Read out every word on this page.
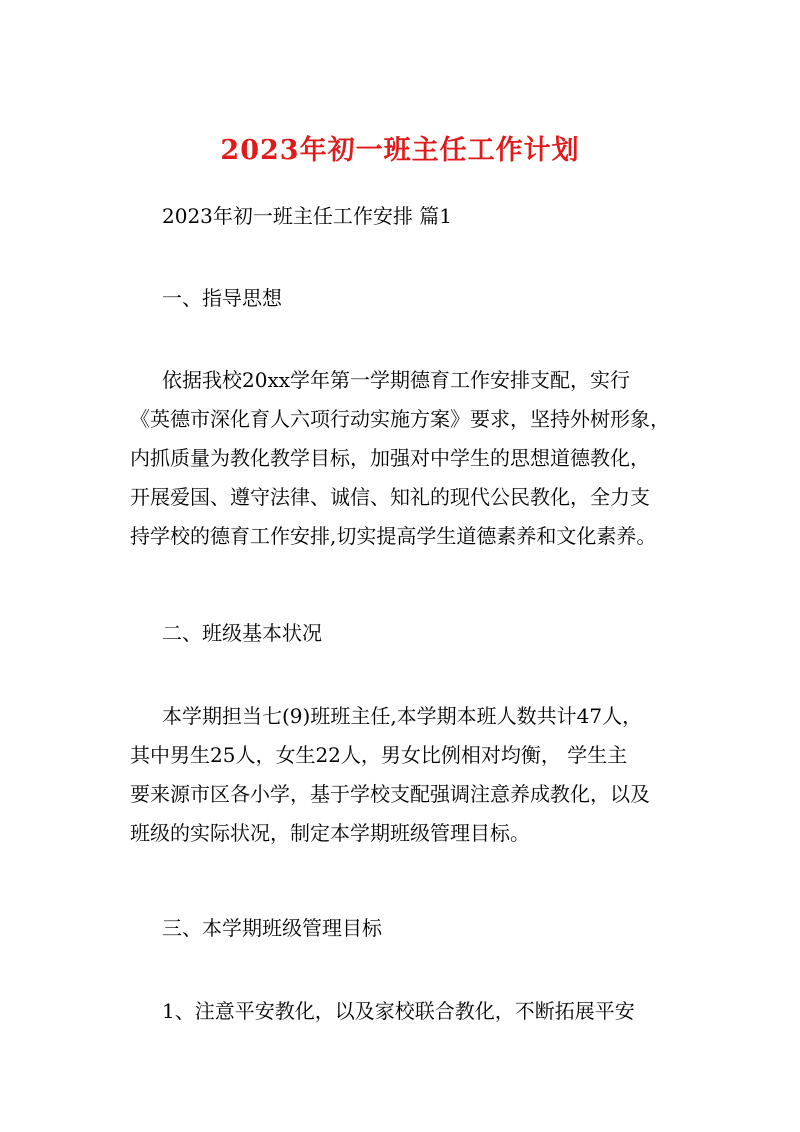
2023年初一班主任工作计划

2023年初一班主任工作安排 篇1

一、指导思想

依据我校20xx学年第一学期德育工作安排支配，实行
《英德市深化育人六项行动实施方案》要求，坚持外树形象，
内抓质量为教化教学目标，加强对中学生的思想道德教化，
开展爱国、遵守法律、诚信、知礼的现代公民教化，全力支
持学校的德育工作安排,切实提高学生道德素养和文化素养。

二、班级基本状况

本学期担当七(9)班班主任,本学期本班人数共计47人，
其中男生25人，女生22人，男女比例相对均衡， 学生主
要来源市区各小学，基于学校支配强调注意养成教化，以及
班级的实际状况，制定本学期班级管理目标。

三、本学期班级管理目标

1、注意平安教化，以及家校联合教化，不断拓展平安
